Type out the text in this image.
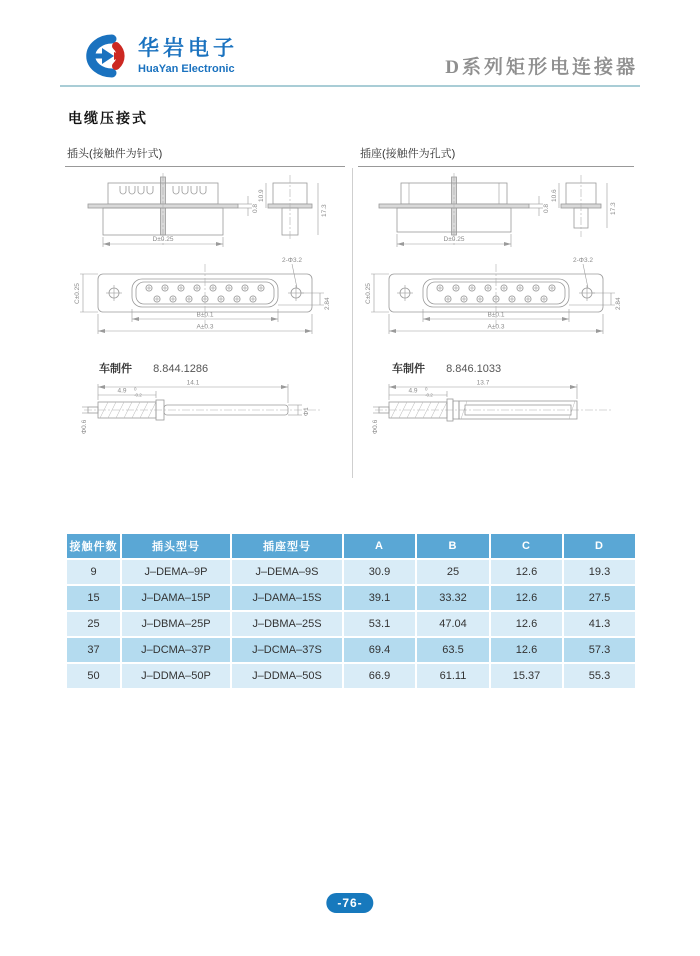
华岩电子
HuaYan Electronic	D系列矩形电连接器
电缆压接式
插头(接触件为针式)
D±0.25
0.8
10.9
17.3
C±0.25
2-Φ3.2
2.84
B±0.1
A±0.3
车制件 8.844.1286
14.1
4.9 0
-0.2
Φ1
Φ0.6
插座(接触件为孔式)
D±0.25
0.8
10.6
17.3
C±0.25
2-Φ3.2
2.84
B±0.1
A±0.3
车制件 8.846.1033
13.7
4.9 0
-0.2
Φ0.6
接触件数	插头型号	插座型号	A	B	C	D
9	J–DEMA–9P	J–DEMA–9S	30.9	25	12.6	19.3
15	J–DAMA–15P	J–DAMA–15S	39.1	33.32	12.6	27.5
25	J–DBMA–25P	J–DBMA–25S	53.1	47.04	12.6	41.3
37	J–DCMA–37P	J–DCMA–37S	69.4	63.5	12.6	57.3
50	J–DDMA–50P	J–DDMA–50S	66.9	61.11	15.37	55.3
-76-
